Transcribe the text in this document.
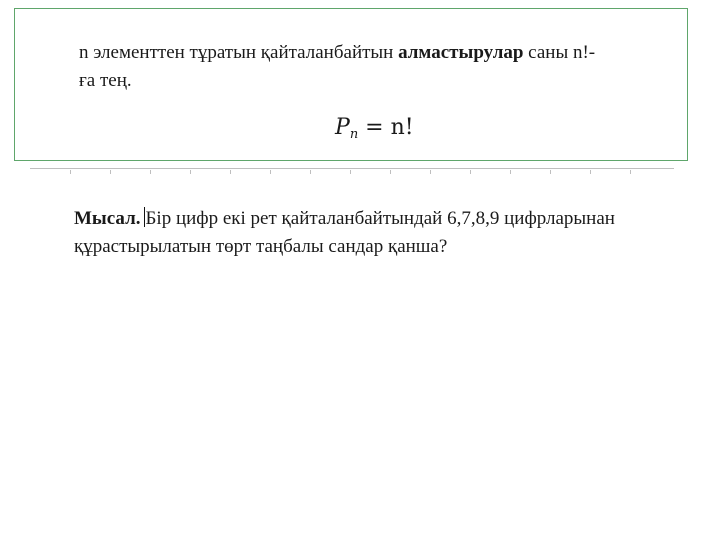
n элементтен тұратын қайталанбайтын алмастырулар саны n!-
ға тең.
$P_n = n$!
Мысал. Бір цифр екі рет қайталанбайтындай 6,7,8,9 цифрларынан
құрастырылатын төрт таңбалы сандар қанша?
